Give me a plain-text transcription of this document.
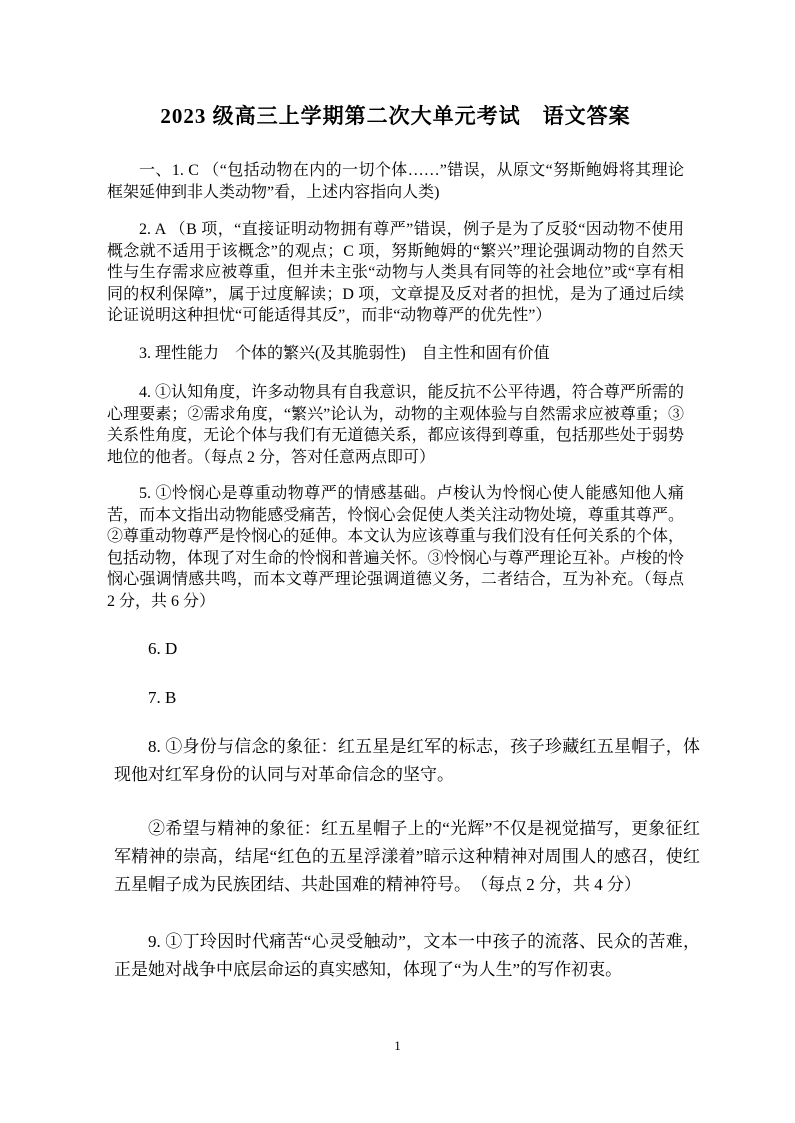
2023 级高三上学期第二次大单元考试　语文答案

一、1. C （“包括动物在内的一切个体……”错误，从原文“努斯鲍姆将其理论框架延伸到非人类动物”看，上述内容指向人类)

2. A （B 项，“直接证明动物拥有尊严”错误，例子是为了反驳“因动物不使用概念就不适用于该概念”的观点；C 项，努斯鲍姆的“繁兴”理论强调动物的自然天性与生存需求应被尊重，但并未主张“动物与人类具有同等的社会地位”或“享有相同的权利保障”，属于过度解读；D 项，文章提及反对者的担忧，是为了通过后续论证说明这种担忧“可能适得其反”，而非“动物尊严的优先性”）

3. 理性能力　个体的繁兴(及其脆弱性)　自主性和固有价值

4. ①认知角度，许多动物具有自我意识，能反抗不公平待遇，符合尊严所需的心理要素；②需求角度，“繁兴”论认为，动物的主观体验与自然需求应被尊重；③关系性角度，无论个体与我们有无道德关系，都应该得到尊重，包括那些处于弱势地位的他者。（每点 2 分，答对任意两点即可）

5. ①怜悯心是尊重动物尊严的情感基础。卢梭认为怜悯心使人能感知他人痛苦，而本文指出动物能感受痛苦，怜悯心会促使人类关注动物处境，尊重其尊严。 ②尊重动物尊严是怜悯心的延伸。本文认为应该尊重与我们没有任何关系的个体，包括动物，体现了对生命的怜悯和普遍关怀。③怜悯心与尊严理论互补。卢梭的怜悯心强调情感共鸣，而本文尊严理论强调道德义务，二者结合，互为补充。（每点 2 分，共 6 分）

6. D

7. B

8. ①身份与信念的象征：红五星是红军的标志，孩子珍藏红五星帽子，体现他对红军身份的认同与对革命信念的坚守。

②希望与精神的象征：红五星帽子上的“光辉”不仅是视觉描写，更象征红军精神的崇高，结尾“红色的五星浮漾着”暗示这种精神对周围人的感召，使红五星帽子成为民族团结、共赴国难的精神符号。　（每点 2 分，共 4 分）

9. ①丁玲因时代痛苦“心灵受触动”，文本一中孩子的流落、民众的苦难，正是她对战争中底层命运的真实感知，体现了“为人生”的写作初衷。

1
